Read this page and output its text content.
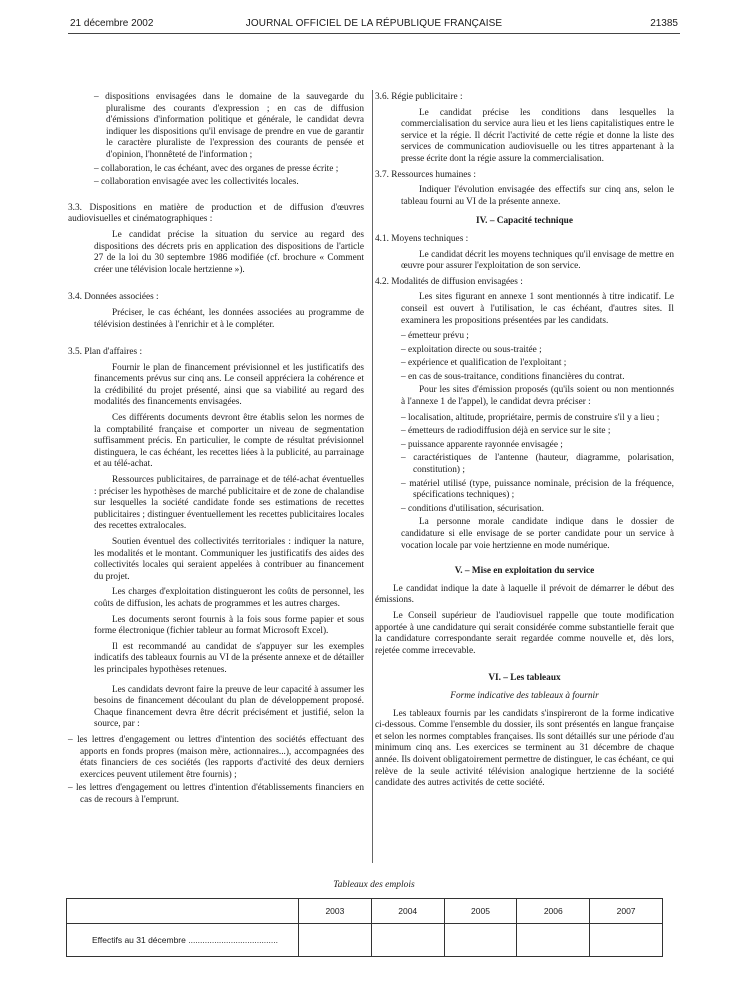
21 décembre 2002	JOURNAL OFFICIEL DE LA RÉPUBLIQUE FRANÇAISE	21385

– dispositions envisagées dans le domaine de la sauvegarde du pluralisme des courants d'expression ; en cas de diffusion d'émissions d'information politique et générale, le candidat devra indiquer les dispositions qu'il envisage de prendre en vue de garantir le caractère pluraliste de l'expression des courants de pensée et d'opinion, l'honnêteté de l'information ;

– collaboration, le cas échéant, avec des organes de presse écrite ;

– collaboration envisagée avec les collectivités locales.

3.3. Dispositions en matière de production et de diffusion d'œuvres audiovisuelles et cinématographiques :

Le candidat précise la situation du service au regard des dispositions des décrets pris en application des dispositions de l'article 27 de la loi du 30 septembre 1986 modifiée (cf. brochure « Comment créer une télévision locale hertzienne »).

3.4. Données associées :

Préciser, le cas échéant, les données associées au programme de télévision destinées à l'enrichir et à le compléter.

3.5. Plan d'affaires :

Fournir le plan de financement prévisionnel et les justificatifs des financements prévus sur cinq ans. Le conseil appréciera la cohérence et la crédibilité du projet présenté, ainsi que sa viabilité au regard des modalités des financements envisagées.

Ces différents documents devront être établis selon les normes de la comptabilité française et comporter un niveau de segmentation suffisamment précis. En particulier, le compte de résultat prévisionnel distinguera, le cas échéant, les recettes liées à la publicité, au parrainage et au télé-achat.

Ressources publicitaires, de parrainage et de télé-achat éventuelles : préciser les hypothèses de marché publicitaire et de zone de chalandise sur lesquelles la société candidate fonde ses estimations de recettes publicitaires ; distinguer éventuellement les recettes publicitaires locales des recettes extralocales.

Soutien éventuel des collectivités territoriales : indiquer la nature, les modalités et le montant. Communiquer les justificatifs des aides des collectivités locales qui seraient appelées à contribuer au financement du projet.

Les charges d'exploitation distingueront les coûts de personnel, les coûts de diffusion, les achats de programmes et les autres charges.

Les documents seront fournis à la fois sous forme papier et sous forme électronique (fichier tableur au format Microsoft Excel).

Il est recommandé au candidat de s'appuyer sur les exemples indicatifs des tableaux fournis au VI de la présente annexe et de détailler les principales hypothèses retenues.

Les candidats devront faire la preuve de leur capacité à assumer les besoins de financement découlant du plan de développement proposé. Chaque financement devra être décrit précisément et justifié, selon la source, par :

– les lettres d'engagement ou lettres d'intention des sociétés effectuant des apports en fonds propres (maison mère, actionnaires...), accompagnées des états financiers de ces sociétés (les rapports d'activité des deux derniers exercices peuvent utilement être fournis) ;

– les lettres d'engagement ou lettres d'intention d'établissements financiers en cas de recours à l'emprunt.

3.6. Régie publicitaire :

Le candidat précise les conditions dans lesquelles la commercialisation du service aura lieu et les liens capitalistiques entre le service et la régie. Il décrit l'activité de cette régie et donne la liste des services de communication audiovisuelle ou les titres appartenant à la presse écrite dont la régie assure la commercialisation.

3.7. Ressources humaines :

Indiquer l'évolution envisagée des effectifs sur cinq ans, selon le tableau fourni au VI de la présente annexe.

IV. – Capacité technique

4.1. Moyens techniques :

Le candidat décrit les moyens techniques qu'il envisage de mettre en œuvre pour assurer l'exploitation de son service.

4.2. Modalités de diffusion envisagées :

Les sites figurant en annexe 1 sont mentionnés à titre indicatif. Le conseil est ouvert à l'utilisation, le cas échéant, d'autres sites. Il examinera les propositions présentées par les candidats.

– émetteur prévu ;

– exploitation directe ou sous-traitée ;

– expérience et qualification de l'exploitant ;

– en cas de sous-traitance, conditions financières du contrat.

Pour les sites d'émission proposés (qu'ils soient ou non mentionnés à l'annexe 1 de l'appel), le candidat devra préciser :

– localisation, altitude, propriétaire, permis de construire s'il y a lieu ;

– émetteurs de radiodiffusion déjà en service sur le site ;

– puissance apparente rayonnée envisagée ;

– caractéristiques de l'antenne (hauteur, diagramme, polarisation, constitution) ;

– matériel utilisé (type, puissance nominale, précision de la fréquence, spécifications techniques) ;

– conditions d'utilisation, sécurisation.

La personne morale candidate indique dans le dossier de candidature si elle envisage de se porter candidate pour un service à vocation locale par voie hertzienne en mode numérique.

V. – Mise en exploitation du service

Le candidat indique la date à laquelle il prévoit de démarrer le début des émissions.

Le Conseil supérieur de l'audiovisuel rappelle que toute modification apportée à une candidature qui serait considérée comme substantielle ferait que la candidature correspondante serait regardée comme nouvelle et, dès lors, rejetée comme irrecevable.

VI. – Les tableaux
Forme indicative des tableaux à fournir

Les tableaux fournis par les candidats s'inspireront de la forme indicative ci-dessous. Comme l'ensemble du dossier, ils sont présentés en langue française et selon les normes comptables françaises. Ils sont détaillés sur une période d'au minimum cinq ans. Les exercices se terminent au 31 décembre de chaque année. Ils doivent obligatoirement permettre de distinguer, le cas échéant, ce qui relève de la seule activité télévision analogique hertzienne de la société candidate des autres activités de cette société.

Tableaux des emplois
	2003	2004	2005	2006	2007
Effectifs au 31 décembre ......................................					
